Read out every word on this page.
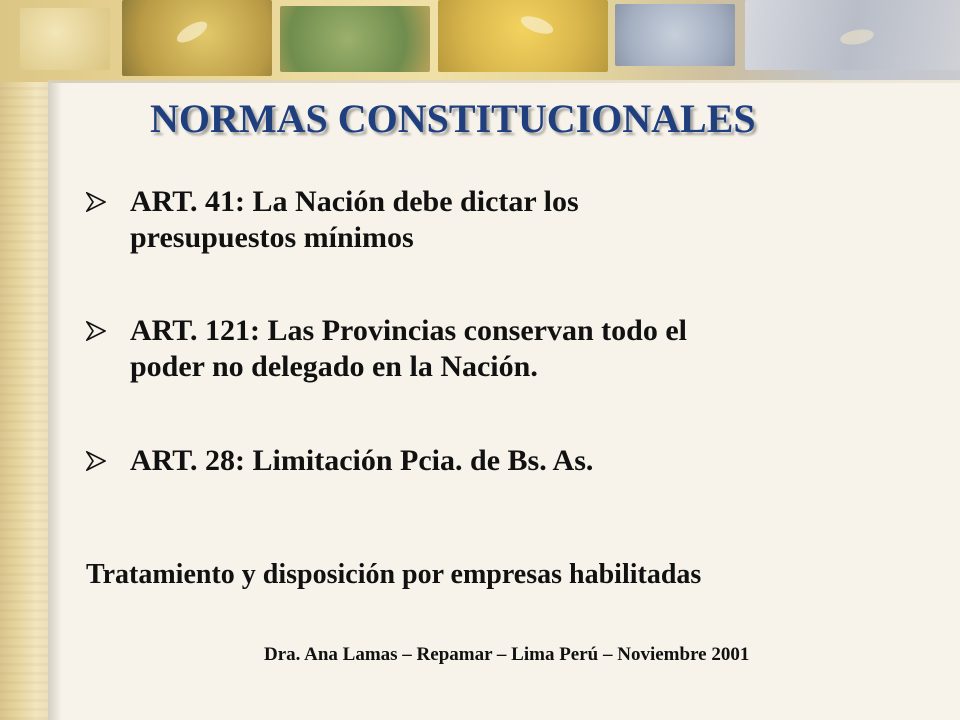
NORMAS CONSTITUCIONALES
ART. 41: La Nación debe dictar los
presupuestos mínimos
ART. 121: Las Provincias conservan todo el
poder no delegado en la Nación.
ART. 28: Limitación Pcia. de Bs. As.

Tratamiento y disposición por empresas habilitadas

Dra. Ana Lamas – Repamar – Lima Perú – Noviembre 2001
